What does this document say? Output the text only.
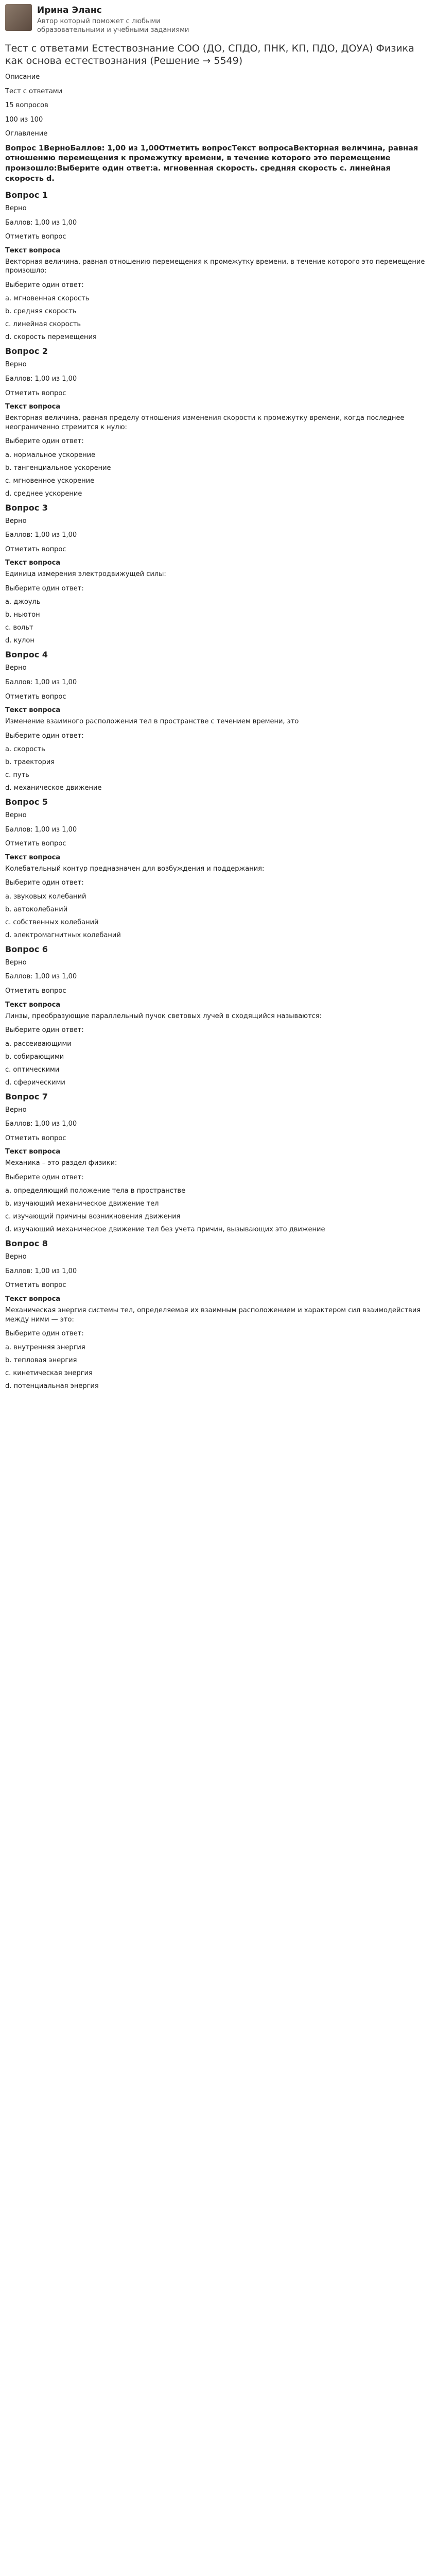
Ирина Эланс
Автор который поможет с любыми образовательными и учебными заданиями
Тест с ответами Естествознание СОО (ДО, СПДО, ПНК, КП, ПДО, ДОУА) Физика как основа естествознания (Решение → 5549)

Описание

Тест с ответами

15 вопросов

100 из 100

Оглавление

Вопрос 1ВерноБаллов: 1,00 из 1,00Отметить вопросТекст вопросаВекторная величина, равная отношению перемещения к промежутку времени, в течение которого это перемещение произошло:Выберите один ответ:a. мгновенная скорость. средняя скорость c. линейная скорость d.
Вопрос 1
Верно
Баллов: 1,00 из 1,00
Отметить вопрос
Текст вопроса
Векторная величина, равная отношению перемещения к промежутку времени, в течение которого это перемещение произошло:
Выберите один ответ:
a. мгновенная скорость
b. средняя скорость
c. линейная скорость
d. скорость перемещения
Вопрос 2
Верно
Баллов: 1,00 из 1,00
Отметить вопрос
Текст вопроса
Векторная величина, равная пределу отношения изменения скорости к промежутку времени, когда последнее неограниченно стремится к нулю:
Выберите один ответ:
a. нормальное ускорение
b. тангенциальное ускорение
c. мгновенное ускорение
d. среднее ускорение
Вопрос 3
Верно
Баллов: 1,00 из 1,00
Отметить вопрос
Текст вопроса
Единица измерения электродвижущей силы:
Выберите один ответ:
a. джоуль
b. ньютон
c. вольт
d. кулон
Вопрос 4
Верно
Баллов: 1,00 из 1,00
Отметить вопрос
Текст вопроса
Изменение взаимного расположения тел в пространстве с течением времени, это
Выберите один ответ:
a. скорость
b. траектория
c. путь
d. механическое движение
Вопрос 5
Верно
Баллов: 1,00 из 1,00
Отметить вопрос
Текст вопроса
Колебательный контур предназначен для возбуждения и поддержания:
Выберите один ответ:
a. звуковых колебаний
b. автоколебаний
c. собственных колебаний
d. электромагнитных колебаний
Вопрос 6
Верно
Баллов: 1,00 из 1,00
Отметить вопрос
Текст вопроса
Линзы, преобразующие параллельный пучок световых лучей в сходящийся называются:
Выберите один ответ:
a. рассеивающими
b. собирающими
c. оптическими
d. сферическими
Вопрос 7
Верно
Баллов: 1,00 из 1,00
Отметить вопрос
Текст вопроса
Механика – это раздел физики:
Выберите один ответ:
a. определяющий положение тела в пространстве
b. изучающий механическое движение тел
c. изучающий причины возникновения движения
d. изучающий механическое движение тел без учета причин, вызывающих это движение
Вопрос 8
Верно
Баллов: 1,00 из 1,00
Отметить вопрос
Текст вопроса
Механическая энергия системы тел, определяемая их взаимным расположением и характером сил взаимодействия между ними — это:
Выберите один ответ:
a. внутренняя энергия
b. тепловая энергия
c. кинетическая энергия
d. потенциальная энергия
